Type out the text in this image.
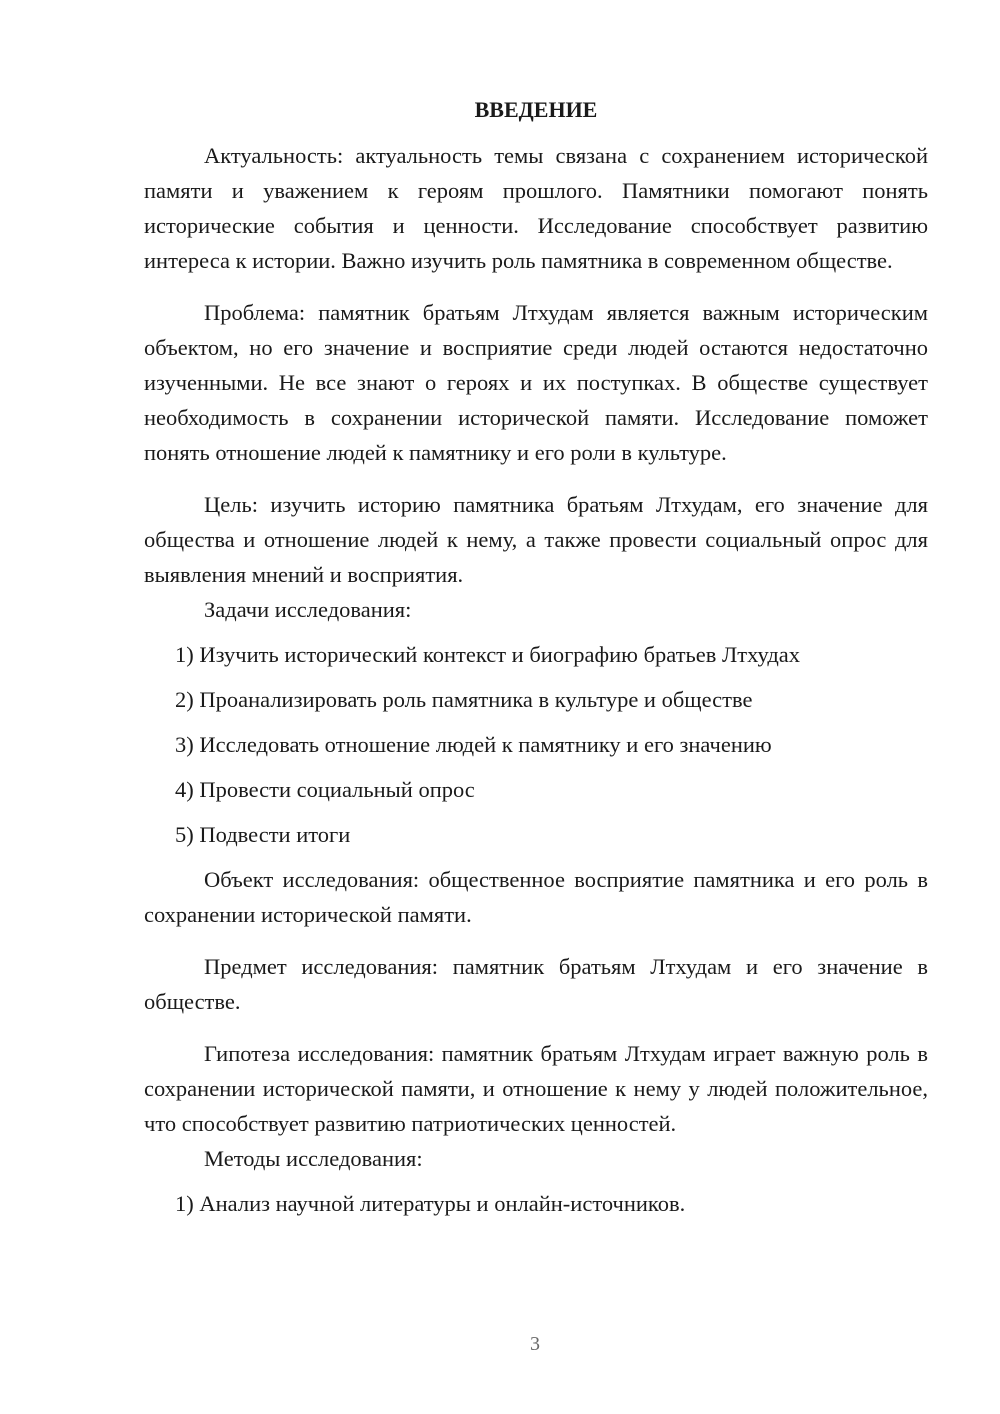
ВВЕДЕНИЕ

Актуальность: актуальность темы связана с сохранением исторической памяти и уважением к героям прошлого. Памятники помогают понять исторические события и ценности. Исследование способствует развитию интереса к истории. Важно изучить роль памятника в современном обществе.

Проблема: памятник братьям Лтхудам является важным историческим объектом, но его значение и восприятие среди людей остаются недостаточно изученными. Не все знают о героях и их поступках. В обществе существует необходимость в сохранении исторической памяти. Исследование поможет понять отношение людей к памятнику и его роли в культуре.

Цель: изучить историю памятника братьям Лтхудам, его значение для общества и отношение людей к нему, а также провести социальный опрос для выявления мнений и восприятия.

Задачи исследования:

1) Изучить исторический контекст и биографию братьев Лтхудах

2) Проанализировать роль памятника в культуре и обществе

3) Исследовать отношение людей к памятнику и его значению

4) Провести социальный опрос

5) Подвести итоги

Объект исследования: общественное восприятие памятника и его роль в сохранении исторической памяти.

Предмет исследования: памятник братьям Лтхудам и его значение в обществе.

Гипотеза исследования: памятник братьям Лтхудам играет важную роль в сохранении исторической памяти, и отношение к нему у людей положительное, что способствует развитию патриотических ценностей.

Методы исследования:

1) Анализ научной литературы и онлайн-источников.

3
